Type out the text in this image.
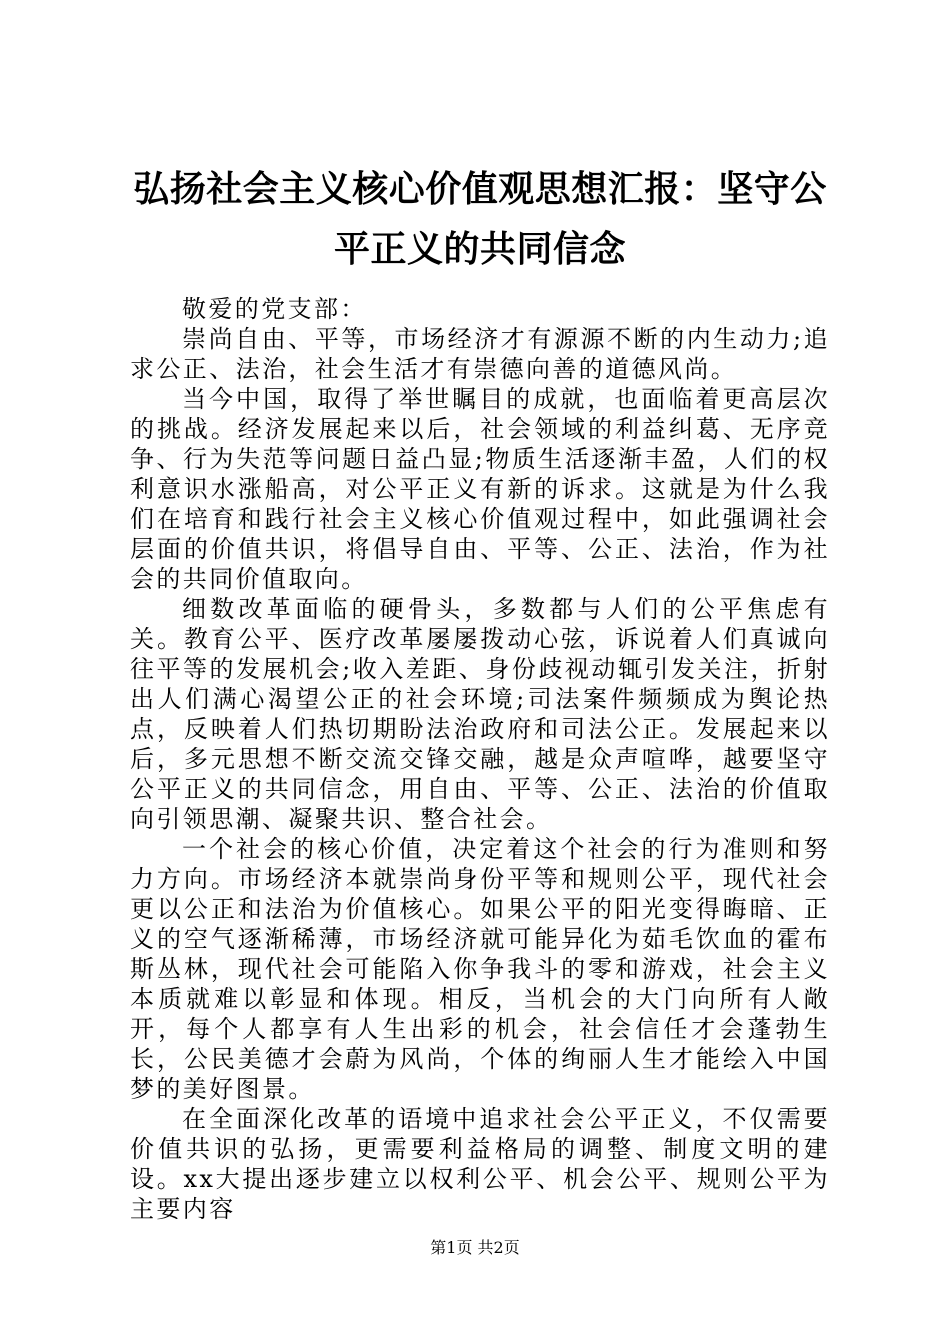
弘扬社会主义核心价值观思想汇报：坚守公平正义的共同信念

敬爱的党支部：

崇尚自由、平等，市场经济才有源源不断的内生动力;追求公正、法治，社会生活才有崇德向善的道德风尚。

当今中国，取得了举世瞩目的成就，也面临着更高层次的挑战。经济发展起来以后，社会领域的利益纠葛、无序竞争、行为失范等问题日益凸显;物质生活逐渐丰盈，人们的权利意识水涨船高，对公平正义有新的诉求。这就是为什么我们在培育和践行社会主义核心价值观过程中，如此强调社会层面的价值共识，将倡导自由、平等、公正、法治，作为社会的共同价值取向。

细数改革面临的硬骨头，多数都与人们的公平焦虑有关。教育公平、医疗改革屡屡拨动心弦，诉说着人们真诚向往平等的发展机会;收入差距、身份歧视动辄引发关注，折射出人们满心渴望公正的社会环境;司法案件频频成为舆论热点，反映着人们热切期盼法治政府和司法公正。发展起来以后，多元思想不断交流交锋交融，越是众声喧哗，越要坚守公平正义的共同信念，用自由、平等、公正、法治的价值取向引领思潮、凝聚共识、整合社会。

一个社会的核心价值，决定着这个社会的行为准则和努力方向。市场经济本就崇尚身份平等和规则公平，现代社会更以公正和法治为价值核心。如果公平的阳光变得晦暗、正义的空气逐渐稀薄，市场经济就可能异化为茹毛饮血的霍布斯丛林，现代社会可能陷入你争我斗的零和游戏，社会主义本质就难以彰显和体现。相反，当机会的大门向所有人敞开，每个人都享有人生出彩的机会，社会信任才会蓬勃生长，公民美德才会蔚为风尚，个体的绚丽人生才能绘入中国梦的美好图景。

在全面深化改革的语境中追求社会公平正义，不仅需要价值共识的弘扬，更需要利益格局的调整、制度文明的建设。xx大提出逐步建立以权利公平、机会公平、规则公平为主要内容

第1页 共2页
